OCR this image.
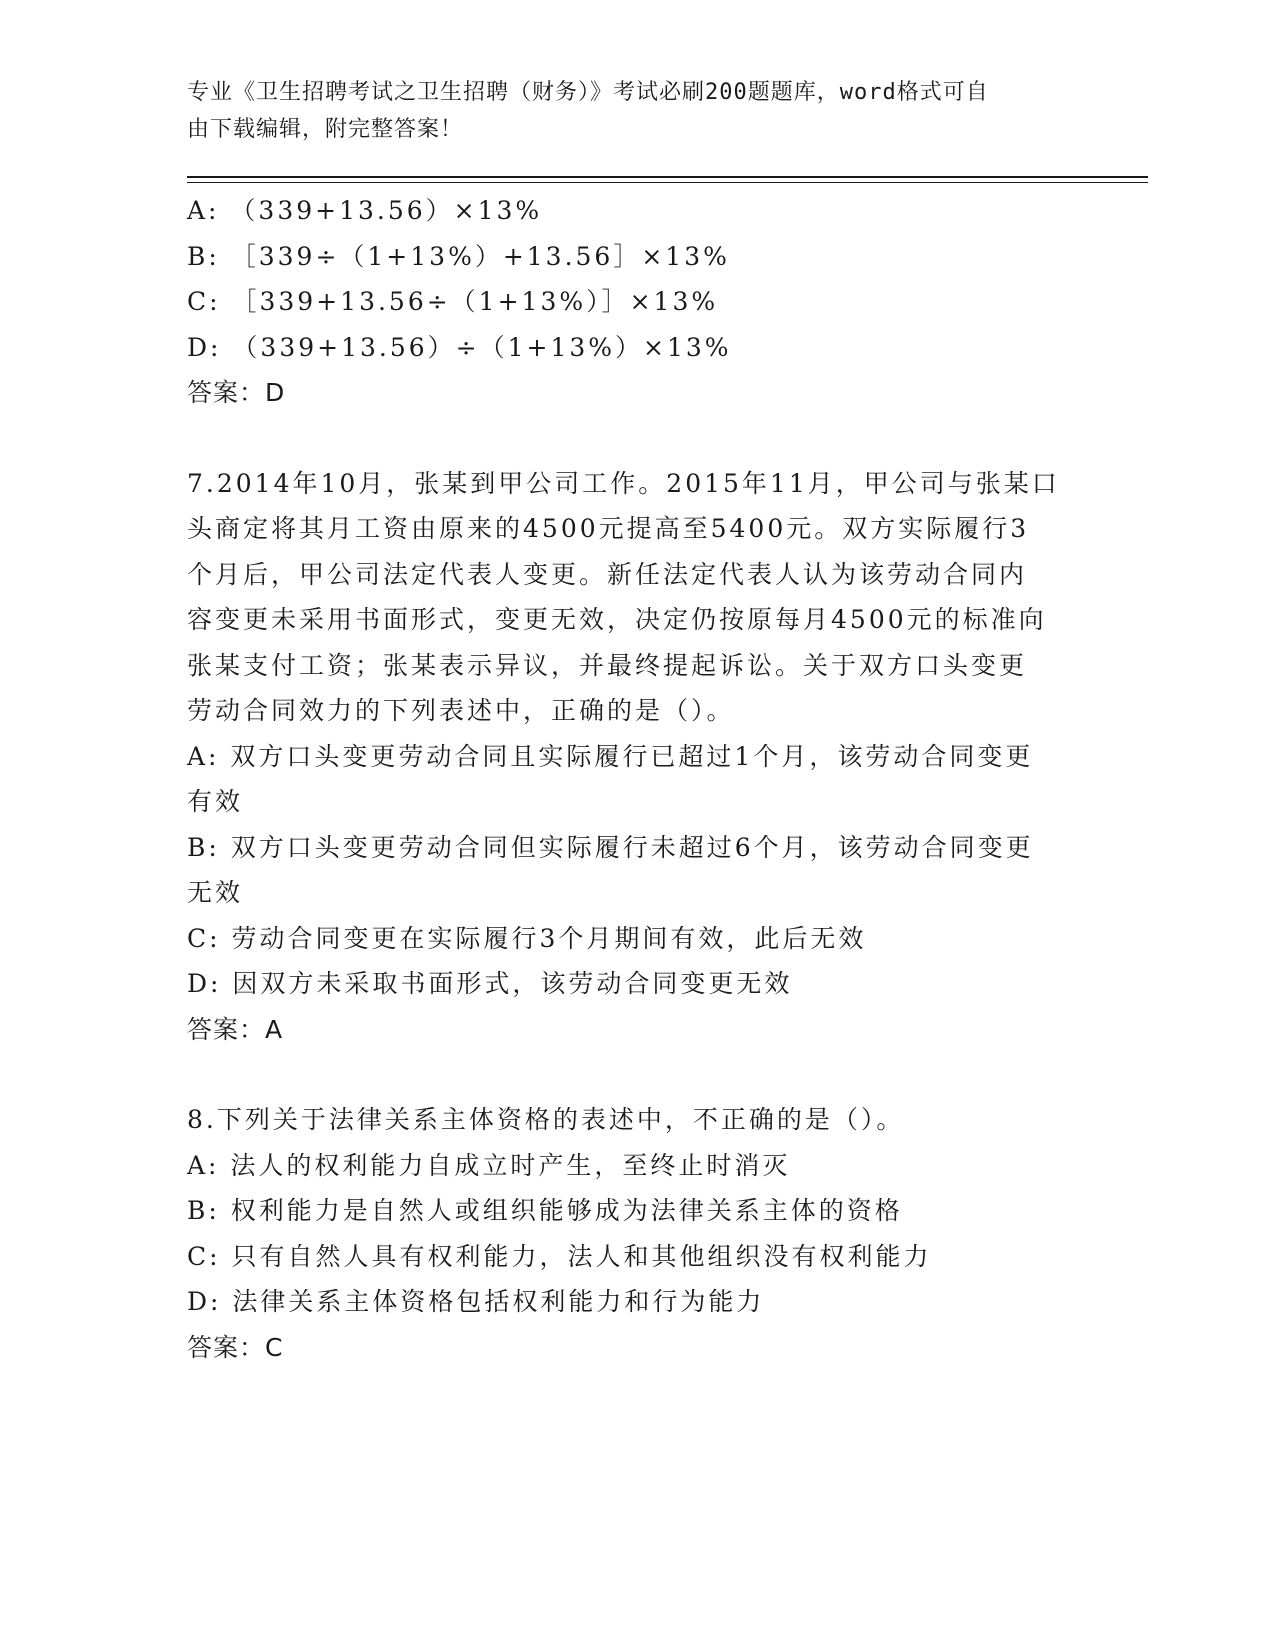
专业《卫生招聘考试之卫生招聘（财务）》考试必刷200题题库，word格式可自
由下载编辑，附完整答案！
A: （339+13.56）×13%
B: ［339÷（1+13%）+13.56］×13%
C: ［339+13.56÷（1+13%）］×13%
D: （339+13.56）÷（1+13%）×13%
答案：D
7.2014年10月，张某到甲公司工作。2015年11月，甲公司与张某口
头商定将其月工资由原来的4500元提高至5400元。双方实际履行3
个月后，甲公司法定代表人变更。新任法定代表人认为该劳动合同内
容变更未采用书面形式，变更无效，决定仍按原每月4500元的标准向
张某支付工资；张某表示异议，并最终提起诉讼。关于双方口头变更
劳动合同效力的下列表述中，正确的是（）。
A: 双方口头变更劳动合同且实际履行已超过1个月，该劳动合同变更
有效
B: 双方口头变更劳动合同但实际履行未超过6个月，该劳动合同变更
无效
C: 劳动合同变更在实际履行3个月期间有效，此后无效
D: 因双方未采取书面形式，该劳动合同变更无效
答案：A
8.下列关于法律关系主体资格的表述中，不正确的是（）。
A: 法人的权利能力自成立时产生，至终止时消灭
B: 权利能力是自然人或组织能够成为法律关系主体的资格
C: 只有自然人具有权利能力，法人和其他组织没有权利能力
D: 法律关系主体资格包括权利能力和行为能力
答案：C
